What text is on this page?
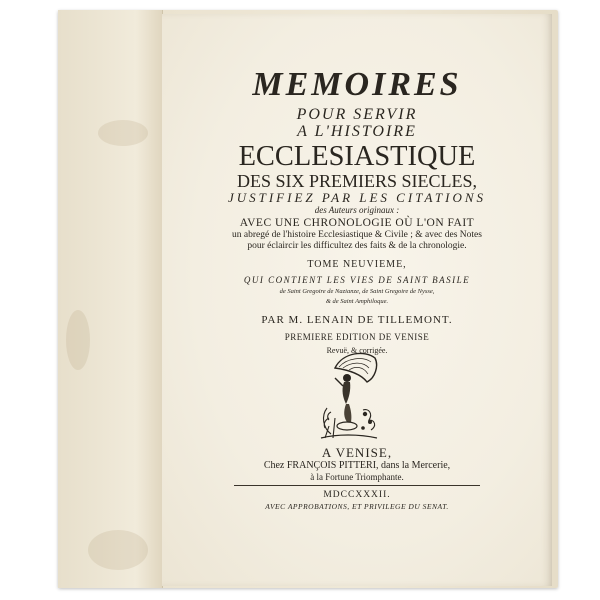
MEMOIRES
POUR SERVIR
A L'HISTOIRE
ECCLESIASTIQUE
DES SIX PREMIERS SIECLES,
JUSTIFIEZ PAR LES CITATIONS
des Auteurs originaux :
AVEC UNE CHRONOLOGIE OÙ L'ON FAIT
un abregé de l'histoire Ecclesiastique & Civile ; & avec des Notes
pour éclaircir les difficultez des faits & de la chronologie.
TOME NEUVIEME,
QUI CONTIENT LES VIES DE SAINT BASILE
de Saint Gregoire de Nazianze, de Saint Gregoire de Nysse,
& de Saint Amphiloque.
PAR M. LENAIN DE TILLEMONT.
PREMIERE EDITION DE VENISE
Revuë, & corrigée.
A VENISE,
Chez FRANÇOIS PITTERI, dans la Mercerie,
à la Fortune Triomphante.
MDCCXXXII.
AVEC APPROBATIONS, ET PRIVILEGE DU SENAT.
